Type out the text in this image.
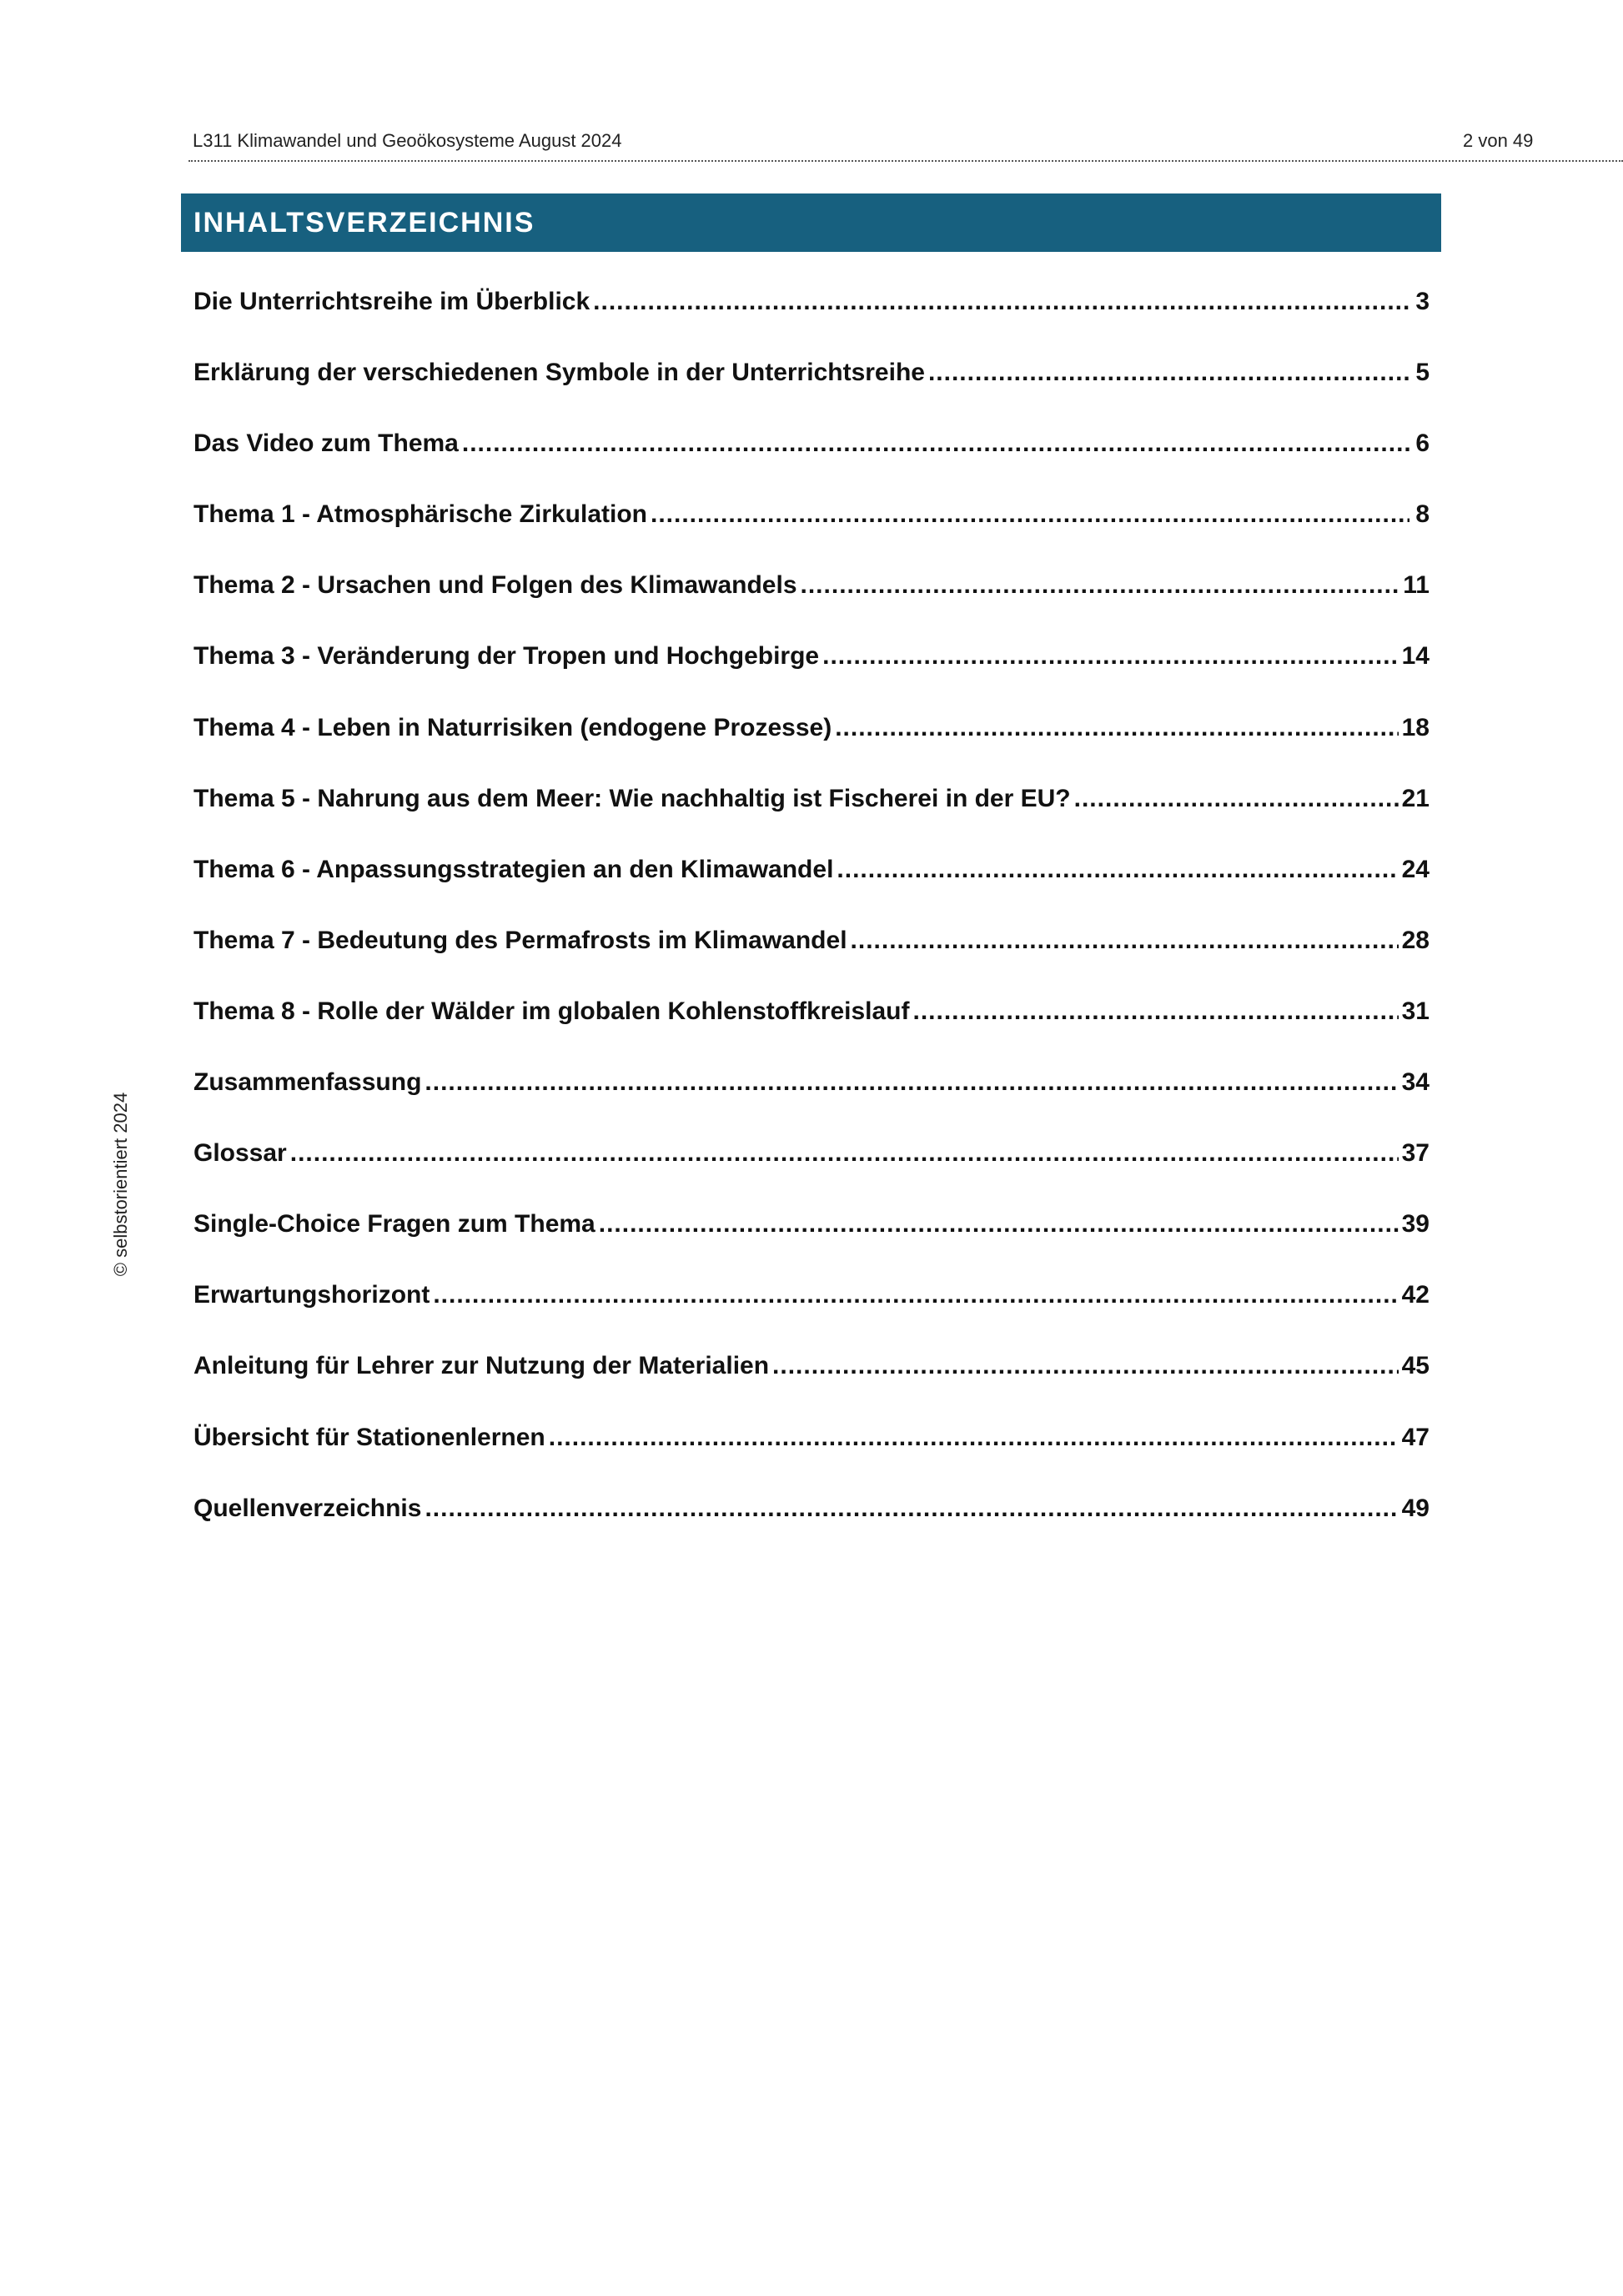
L311 Klimawandel und Geoökosysteme August 2024	2 von 49
INHALTSVERZEICHNIS
Die Unterrichtsreihe im Überblick .....	3
Erklärung der verschiedenen Symbole in der Unterrichtsreihe .....	5
Das Video zum Thema .....	6
Thema 1 - Atmosphärische Zirkulation .....	8
Thema 2 - Ursachen und Folgen des Klimawandels .....	11
Thema 3 - Veränderung der Tropen und Hochgebirge .....	14
Thema 4 - Leben in Naturrisiken (endogene Prozesse) .....	18
Thema 5 - Nahrung aus dem Meer: Wie nachhaltig ist Fischerei in der EU? .....	21
Thema 6 - Anpassungsstrategien an den Klimawandel .....	24
Thema 7 - Bedeutung des Permafrosts im Klimawandel .....	28
Thema 8 - Rolle der Wälder im globalen Kohlenstoffkreislauf .....	31
Zusammenfassung .....	34
Glossar .....	37
Single-Choice Fragen zum Thema .....	39
Erwartungshorizont .....	42
Anleitung für Lehrer zur Nutzung der Materialien .....	45
Übersicht für Stationenlernen .....	47
Quellenverzeichnis .....	49
© selbstorientiert 2024
